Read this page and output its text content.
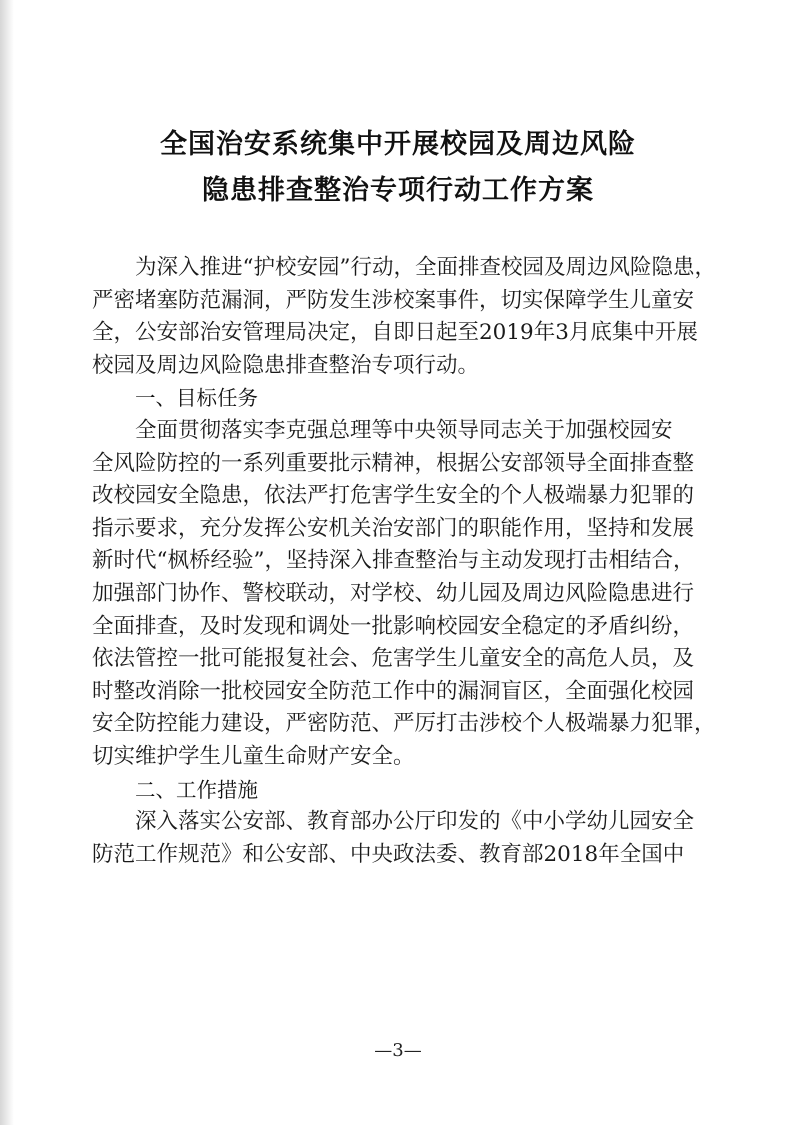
全国治安系统集中开展校园及周边风险
隐患排查整治专项行动工作方案

为深入推进“护校安园”行动，全面排查校园及周边风险隐患，
严密堵塞防范漏洞，严防发生涉校案事件，切实保障学生儿童安
全，公安部治安管理局决定，自即日起至2019年3月底集中开展
校园及周边风险隐患排查整治专项行动。

一、目标任务

全面贯彻落实李克强总理等中央领导同志关于加强校园安
全风险防控的一系列重要批示精神，根据公安部领导全面排查整
改校园安全隐患，依法严打危害学生安全的个人极端暴力犯罪的
指示要求，充分发挥公安机关治安部门的职能作用，坚持和发展
新时代“枫桥经验”，坚持深入排查整治与主动发现打击相结合，
加强部门协作、警校联动，对学校、幼儿园及周边风险隐患进行
全面排查，及时发现和调处一批影响校园安全稳定的矛盾纠纷，
依法管控一批可能报复社会、危害学生儿童安全的高危人员，及
时整改消除一批校园安全防范工作中的漏洞盲区，全面强化校园
安全防控能力建设，严密防范、严厉打击涉校个人极端暴力犯罪，
切实维护学生儿童生命财产安全。

二、工作措施

深入落实公安部、教育部办公厅印发的《中小学幼儿园安全
防范工作规范》和公安部、中央政法委、教育部2018年全国中

—3—
